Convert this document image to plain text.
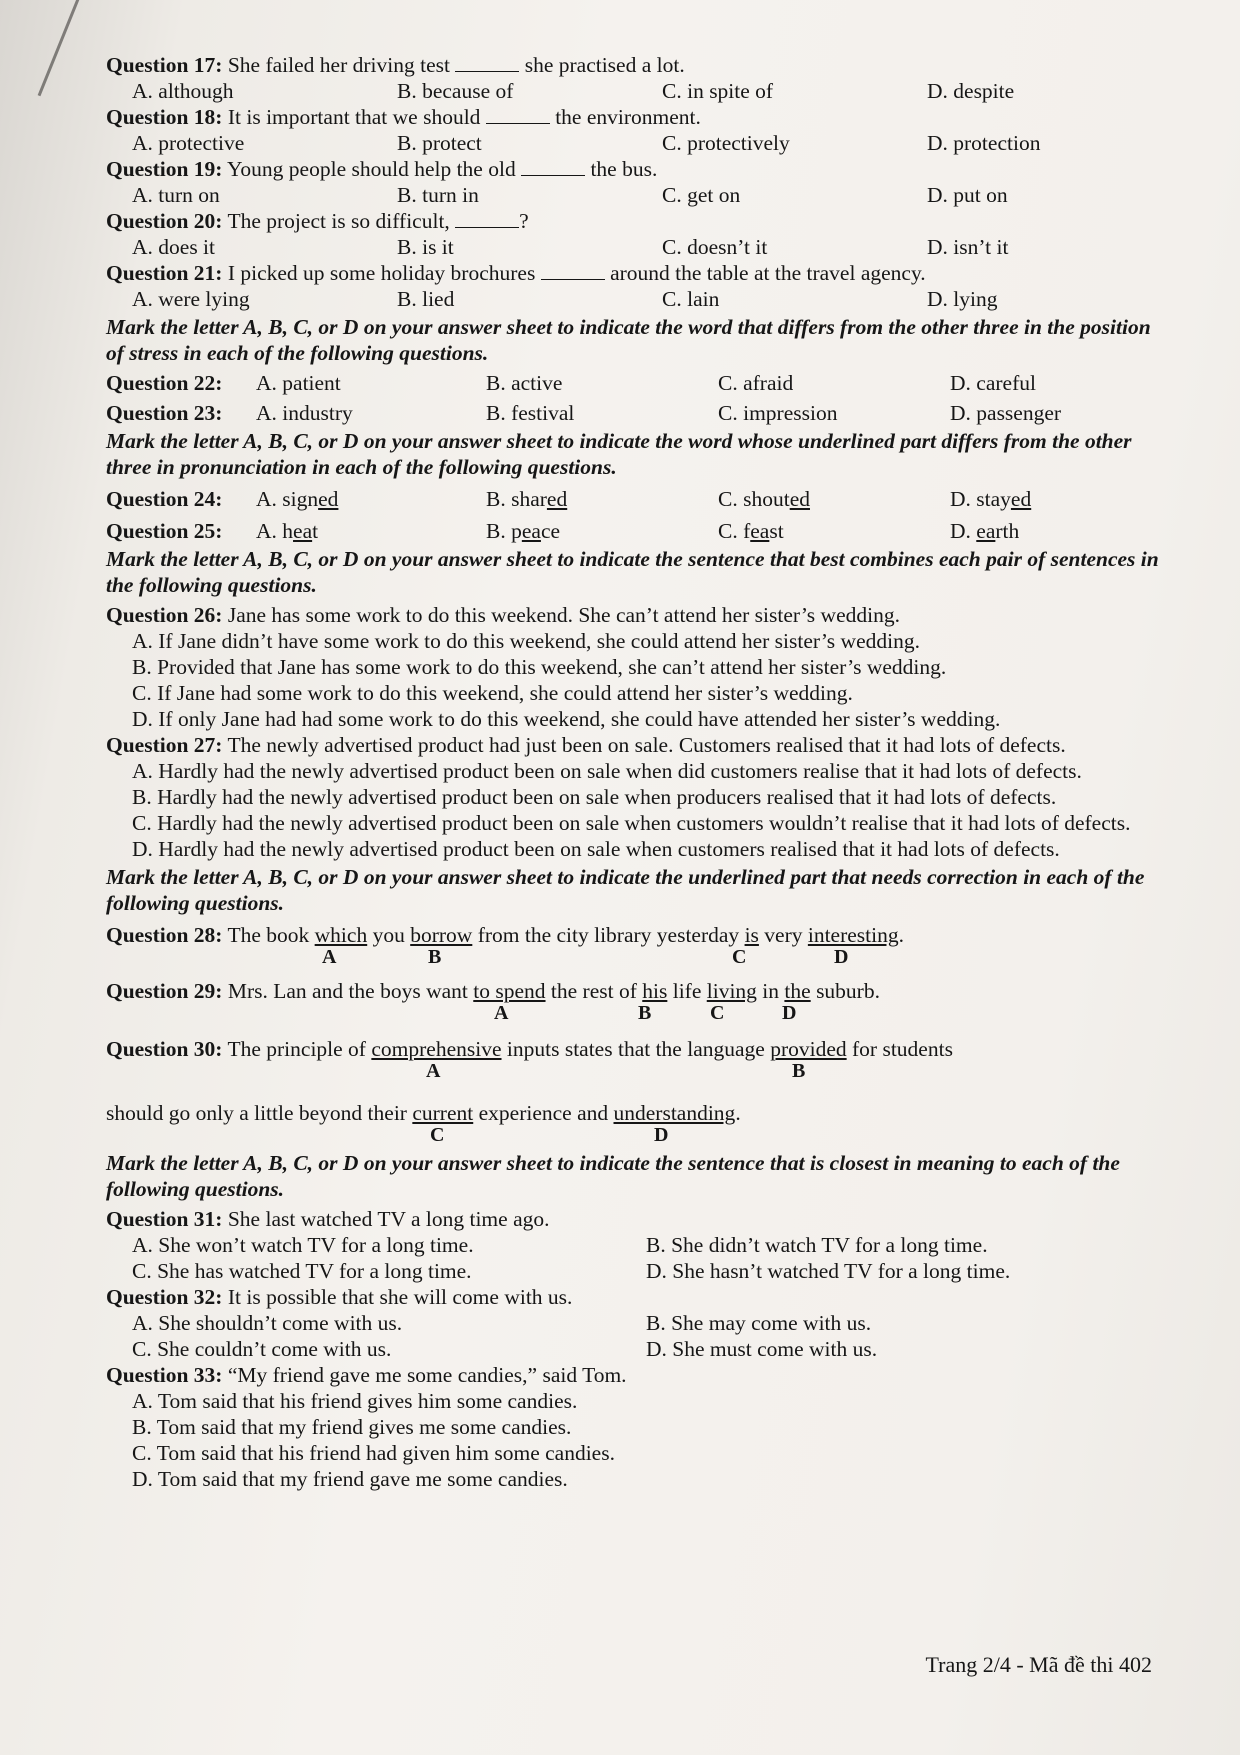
Question 17: She failed her driving test	she practised a lot.
A. although	B. because of	C. in spite of	D. despite
Question 18: It is important that we should	the environment.
A. protective	B. protect	C. protectively	D. protection
Question 19: Young people should help the old	the bus.
A. turn on	B. turn in	C. get on	D. put on
Question 20: The project is so difficult,	?
A. does it	B. is it	C. doesn’t it	D. isn’t it
Question 21: I picked up some holiday brochures	around the table at the travel agency.
A. were lying	B. lied	C. lain	D. lying
Mark the letter A, B, C, or D on your answer sheet to indicate the word that differs from the other three in the position of stress in each of the following questions.
Question 22:	A. patient	B. active	C. afraid	D. careful
Question 23:	A. industry	B. festival	C. impression	D. passenger
Mark the letter A, B, C, or D on your answer sheet to indicate the word whose underlined part differs from the other three in pronunciation in each of the following questions.
Question 24:	A. signed	B. shared	C. shouted	D. stayed
Question 25:	A. heat	B. peace	C. feast	D. earth
Mark the letter A, B, C, or D on your answer sheet to indicate the sentence that best combines each pair of sentences in the following questions.
Question 26: Jane has some work to do this weekend. She can’t attend her sister’s wedding.
A. If Jane didn’t have some work to do this weekend, she could attend her sister’s wedding.
B. Provided that Jane has some work to do this weekend, she can’t attend her sister’s wedding.
C. If Jane had some work to do this weekend, she could attend her sister’s wedding.
D. If only Jane had had some work to do this weekend, she could have attended her sister’s wedding.
Question 27: The newly advertised product had just been on sale. Customers realised that it had lots of defects.
A. Hardly had the newly advertised product been on sale when did customers realise that it had lots of defects.
B. Hardly had the newly advertised product been on sale when producers realised that it had lots of defects.
C. Hardly had the newly advertised product been on sale when customers wouldn’t realise that it had lots of defects.
D. Hardly had the newly advertised product been on sale when customers realised that it had lots of defects.
Mark the letter A, B, C, or D on your answer sheet to indicate the underlined part that needs correction in each of the following questions.
Question 28: The book which you borrow from the city library yesterday is very interesting.
A	B	C	D
Question 29: Mrs. Lan and the boys want to spend the rest of his life living in the suburb.
A	B	C	D
Question 30: The principle of comprehensive inputs states that the language provided for students
A	B
should go only a little beyond their current experience and understanding.
C	D
Mark the letter A, B, C, or D on your answer sheet to indicate the sentence that is closest in meaning to each of the following questions.
Question 31: She last watched TV a long time ago.
A. She won’t watch TV for a long time.	B. She didn’t watch TV for a long time.
C. She has watched TV for a long time.	D. She hasn’t watched TV for a long time.
Question 32: It is possible that she will come with us.
A. She shouldn’t come with us.	B. She may come with us.
C. She couldn’t come with us.	D. She must come with us.
Question 33: “My friend gave me some candies,” said Tom.
A. Tom said that his friend gives him some candies.
B. Tom said that my friend gives me some candies.
C. Tom said that his friend had given him some candies.
D. Tom said that my friend gave me some candies.
Trang 2/4 - Mã đề thi 402
